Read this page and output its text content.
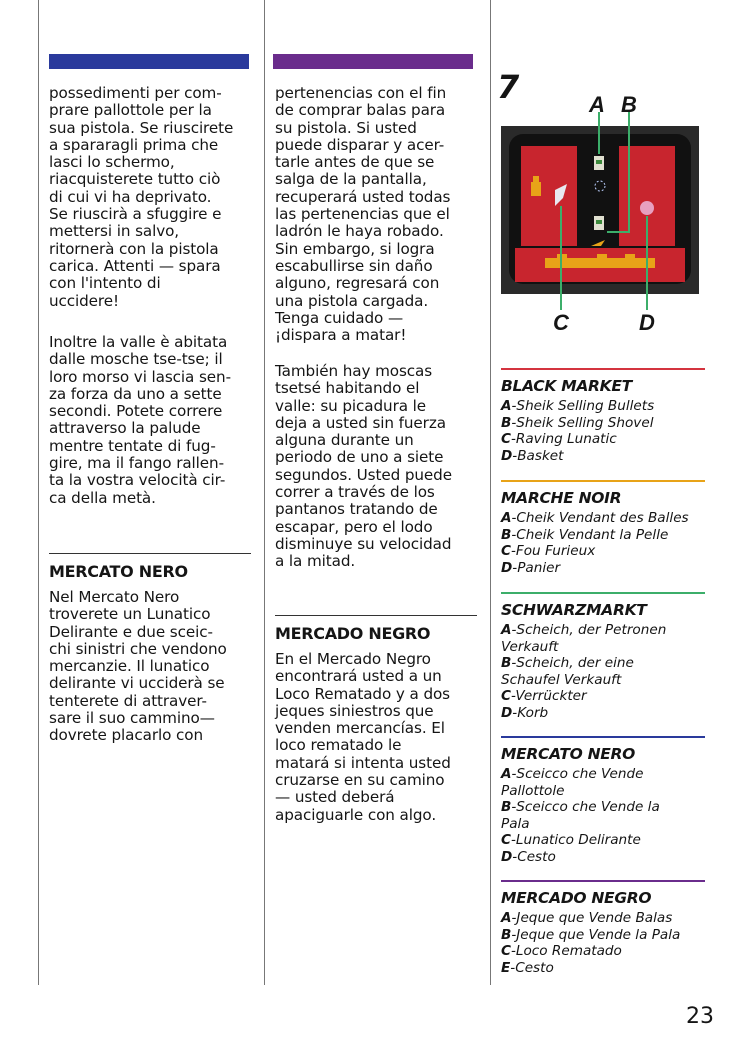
possedimenti per com-
prare pallottole per la
sua pistola. Se riuscirete
a spararagli prima che
lasci lo schermo,
riacquisterete tutto ciò
di cui vi ha deprivato.
Se riuscirà a sfuggire e
mettersi in salvo,
ritornerà con la pistola
carica. Attenti — spara
con l'intento di
uccidere!

Inoltre la valle è abitata
dalle mosche tse-tse; il
loro morso vi lascia sen-
za forza da uno a sette
secondi. Potete correre
attraverso la palude
mentre tentate di fug-
gire, ma il fango rallen-
ta la vostra velocità cir-
ca della metà.

MERCATO NERO

Nel Mercato Nero
troverete un Lunatico
Delirante e due sceic-
chi sinistri che vendono
mercanzie. Il lunatico
delirante vi ucciderà se
tenterete di attraver-
sare il suo cammino—
dovrete placarlo con

pertenencias con el fin
de comprar balas para
su pistola. Si usted
puede disparar y acer-
tarle antes de que se
salga de la pantalla,
recuperará usted todas
las pertenencias que el
ladrón le haya robado.
Sin embargo, si logra
escabullirse sin daño
alguno, regresará con
una pistola cargada.
Tenga cuidado —
¡dispara a matar!

También hay moscas
tsetsé habitando el
valle: su picadura le
deja a usted sin fuerza
alguna durante un
periodo de uno a siete
segundos. Usted puede
correr a través de los
pantanos tratando de
escapar, pero el lodo
disminuye su velocidad
a la mitad.

MERCADO NEGRO

En el Mercado Negro
encontrará usted a un
Loco Rematado y a dos
jeques siniestros que
venden mercancías. El
loco rematado le
matará si intenta usted
cruzarse en su camino
— usted deberá
apaciguarle con algo.

7	A B
C	D

BLACK MARKET

A-Sheik Selling Bullets

B-Sheik Selling Shovel

C-Raving Lunatic

D-Basket

MARCHE NOIR

A-Cheik Vendant des Balles

B-Cheik Vendant la Pelle

C-Fou Furieux

D-Panier

SCHWARZMARKT

A-Scheich, der Petronen
Verkauft

B-Scheich, der eine
Schaufel Verkauft

C-Verrückter

D-Korb

MERCATO NERO

A-Sceicco che Vende
Pallottole

B-Sceicco che Vende la
Pala

C-Lunatico Delirante

D-Cesto

MERCADO NEGRO

A-Jeque que Vende Balas

B-Jeque que Vende la Pala

C-Loco Rematado

E-Cesto

23
